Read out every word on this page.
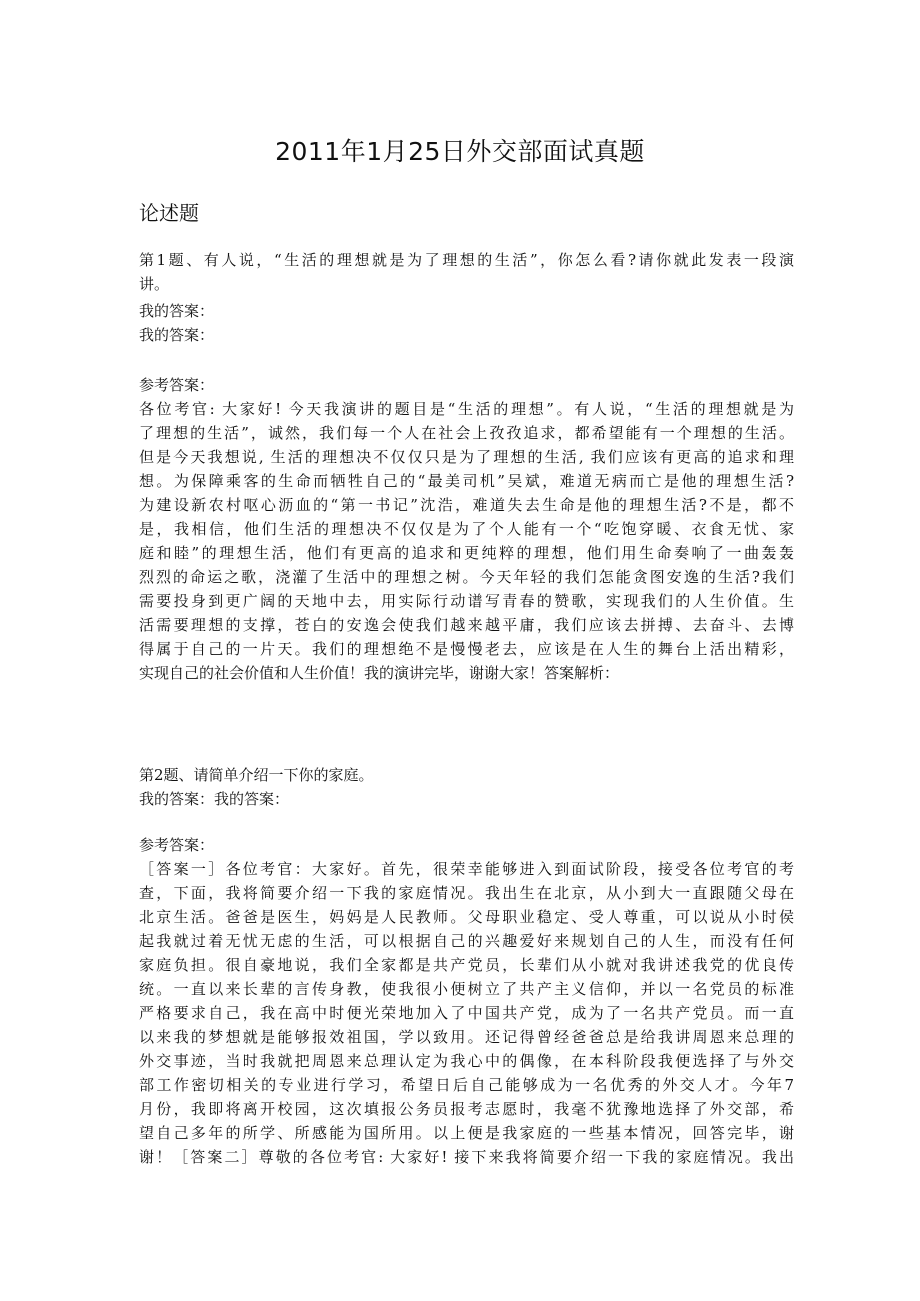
2011年1月25日外交部面试真题
论述题
第1题、有人说，“生活的理想就是为了理想的生活”，你怎么看?请你就此发表一段演
讲。
我的答案：
我的答案：
参考答案：
各位考官: 大家好! 今天我演讲的题目是“生活的理想”。有人说，“生活的理想就是为
了理想的生活”，诚然，我们每一个人在社会上孜孜追求，都希望能有一个理想的生活。
但是今天我想说, 生活的理想决不仅仅只是为了理想的生活, 我们应该有更高的追求和理
想。为保障乘客的生命而牺牲自己的“最美司机”吴斌，难道无病而亡是他的理想生活?
为建设新农村呕心沥血的“第一书记”沈浩，难道失去生命是他的理想生活?不是，都不
是，我相信，他们生活的理想决不仅仅是为了个人能有一个“吃饱穿暖、衣食无忧、家
庭和睦”的理想生活，他们有更高的追求和更纯粹的理想，他们用生命奏响了一曲轰轰
烈烈的命运之歌，浇灌了生活中的理想之树。今天年轻的我们怎能贪图安逸的生活?我们
需要投身到更广阔的天地中去，用实际行动谱写青春的赞歌，实现我们的人生价值。生
活需要理想的支撑，苍白的安逸会使我们越来越平庸，我们应该去拼搏、去奋斗、去博
得属于自己的一片天。我们的理想绝不是慢慢老去，应该是在人生的舞台上活出精彩，
实现自己的社会价值和人生价值！我的演讲完毕，谢谢大家！答案解析：
第2题、请简单介绍一下你的家庭。
我的答案：我的答案：
参考答案：
［答案一］各位考官：大家好。首先，很荣幸能够进入到面试阶段，接受各位考官的考
查，下面，我将简要介绍一下我的家庭情况。我出生在北京，从小到大一直跟随父母在
北京生活。爸爸是医生，妈妈是人民教师。父母职业稳定、受人尊重，可以说从小时侯
起我就过着无忧无虑的生活，可以根据自己的兴趣爱好来规划自己的人生，而没有任何
家庭负担。很自豪地说，我们全家都是共产党员，长辈们从小就对我讲述我党的优良传
统。一直以来长辈的言传身教，使我很小便树立了共产主义信仰，并以一名党员的标准
严格要求自己，我在高中时便光荣地加入了中国共产党，成为了一名共产党员。而一直
以来我的梦想就是能够报效祖国，学以致用。还记得曾经爸爸总是给我讲周恩来总理的
外交事迹，当时我就把周恩来总理认定为我心中的偶像，在本科阶段我便选择了与外交
部工作密切相关的专业进行学习，希望日后自己能够成为一名优秀的外交人才。今年7
月份，我即将离开校园，这次填报公务员报考志愿时，我毫不犹豫地选择了外交部，希
望自己多年的所学、所感能为国所用。以上便是我家庭的一些基本情况，回答完毕，谢
谢！［答案二］尊敬的各位考官: 大家好! 接下来我将简要介绍一下我的家庭情况。我出
